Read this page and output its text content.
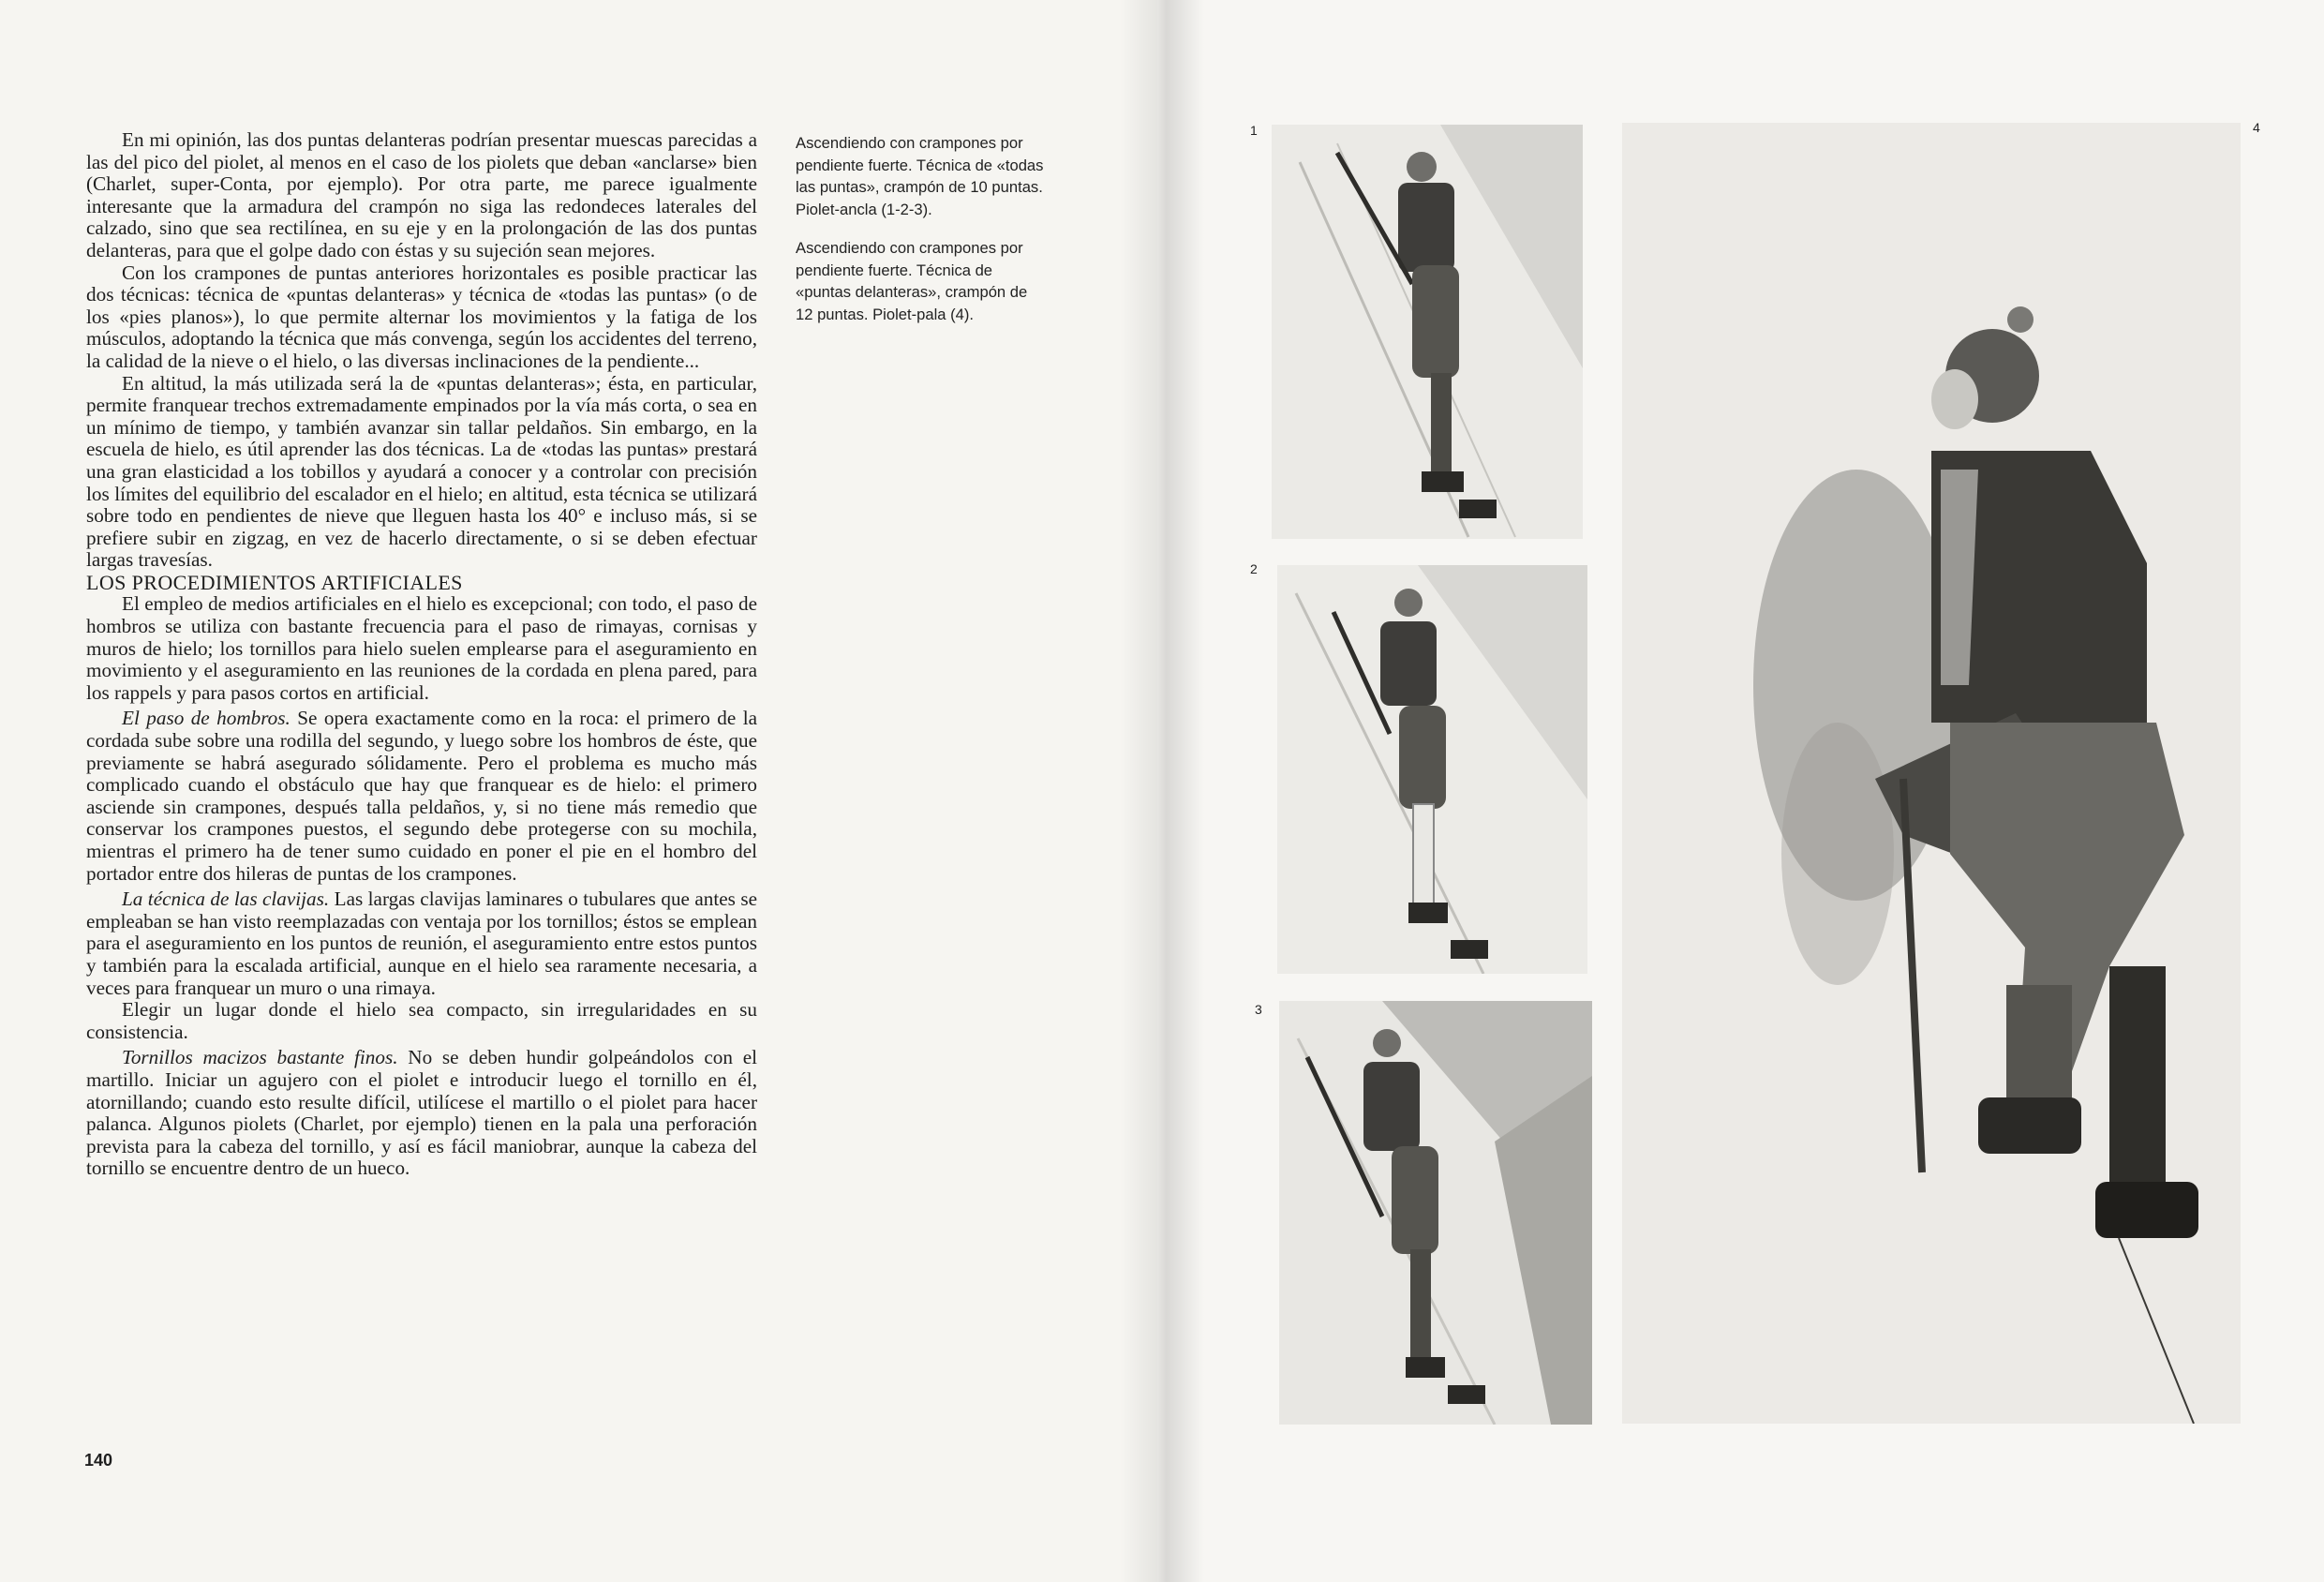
En mi opinión, las dos puntas delanteras podrían presentar muescas parecidas a las del pico del piolet, al menos en el caso de los piolets que deban «anclarse» bien (Charlet, super-Conta, por ejemplo). Por otra parte, me parece igualmente interesante que la armadura del crampón no siga las redondeces laterales del calzado, sino que sea rectilínea, en su eje y en la prolongación de las dos puntas delanteras, para que el golpe dado con éstas y su sujeción sean mejores.

Con los crampones de puntas anteriores horizontales es posible practicar las dos técnicas: técnica de «puntas delanteras» y técnica de «todas las puntas» (o de los «pies planos»), lo que permite alternar los movimientos y la fatiga de los músculos, adoptando la técnica que más convenga, según los accidentes del terreno, la calidad de la nieve o el hielo, o las diversas inclinaciones de la pendiente...

En altitud, la más utilizada será la de «puntas delanteras»; ésta, en particular, permite franquear trechos extremadamente empinados por la vía más corta, o sea en un mínimo de tiempo, y también avanzar sin tallar peldaños. Sin embargo, en la escuela de hielo, es útil aprender las dos técnicas. La de «todas las puntas» prestará una gran elasticidad a los tobillos y ayudará a conocer y a controlar con precisión los límites del equilibrio del escalador en el hielo; en altitud, esta técnica se utilizará sobre todo en pendientes de nieve que lleguen hasta los 40° e incluso más, si se prefiere subir en zigzag, en vez de hacerlo directamente, o si se deben efectuar largas travesías.

LOS PROCEDIMIENTOS ARTIFICIALES

El empleo de medios artificiales en el hielo es excepcional; con todo, el paso de hombros se utiliza con bastante frecuencia para el paso de rimayas, cornisas y muros de hielo; los tornillos para hielo suelen emplearse para el aseguramiento en movimiento y el aseguramiento en las reuniones de la cordada en plena pared, para los rappels y para pasos cortos en artificial.

El paso de hombros. Se opera exactamente como en la roca: el primero de la cordada sube sobre una rodilla del segundo, y luego sobre los hombros de éste, que previamente se habrá asegurado sólidamente. Pero el problema es mucho más complicado cuando el obstáculo que hay que franquear es de hielo: el primero asciende sin crampones, después talla peldaños, y, si no tiene más remedio que conservar los crampones puestos, el segundo debe protegerse con su mochila, mientras el primero ha de tener sumo cuidado en poner el pie en el hombro del portador entre dos hileras de puntas de los crampones.

La técnica de las clavijas. Las largas clavijas laminares o tubulares que antes se empleaban se han visto reemplazadas con ventaja por los tornillos; éstos se emplean para el aseguramiento en los puntos de reunión, el aseguramiento entre estos puntos y también para la escalada artificial, aunque en el hielo sea raramente necesaria, a veces para franquear un muro o una rimaya.

Elegir un lugar donde el hielo sea compacto, sin irregularidades en su consistencia.

Tornillos macizos bastante finos. No se deben hundir golpeándolos con el martillo. Iniciar un agujero con el piolet e introducir luego el tornillo en él, atornillando; cuando esto resulte difícil, utilícese el martillo o el piolet para hacer palanca. Algunos piolets (Charlet, por ejemplo) tienen en la pala una perforación prevista para la cabeza del tornillo, y así es fácil maniobrar, aunque la cabeza del tornillo se encuentre dentro de un hueco.

Ascendiendo con crampones por pendiente fuerte. Técnica de «todas las puntas», crampón de 10 puntas. Piolet-ancla (1-2-3).

Ascendiendo con crampones por pendiente fuerte. Técnica de «puntas delanteras», crampón de 12 puntas. Piolet-pala (4).

140
1
2
3
4
